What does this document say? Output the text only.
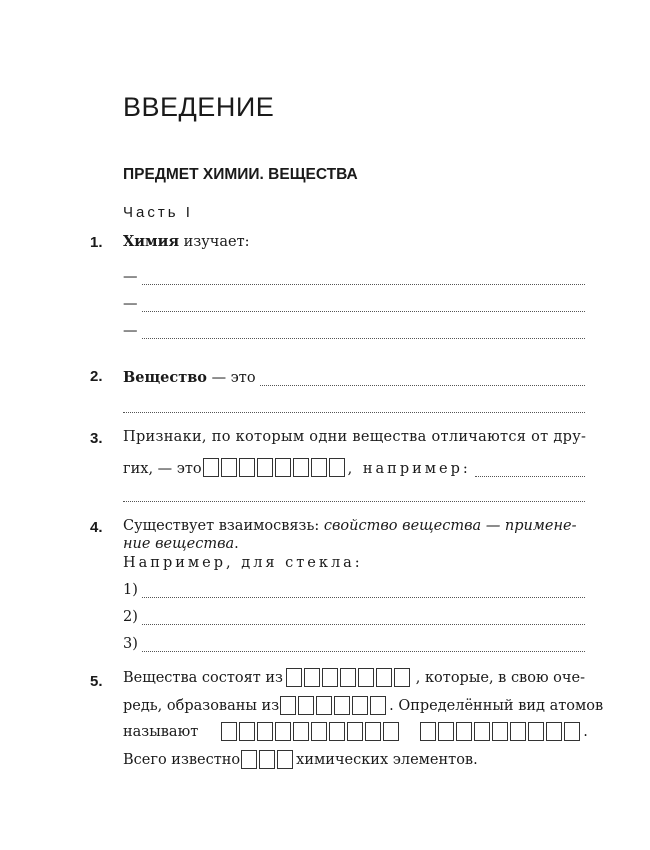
ВВЕДЕНИЕ
ПРЕДМЕТ ХИМИИ. ВЕЩЕСТВА
Часть I
1. Химия изучает:
—
—
—
2. Вещество — это
3. Признаки, по которым одни вещества отличаются от дру-
гих, — это	, например:
4. Существует взаимосвязь: свойство вещества — применe-
ние вещества.
Например, для стекла:
1)
2)
3)
5. Вещества состоят из	, которые, в свою оче-
редь, образованы из	. Определённый вид атомов
называют	.
Всего известно	химических элементов.
